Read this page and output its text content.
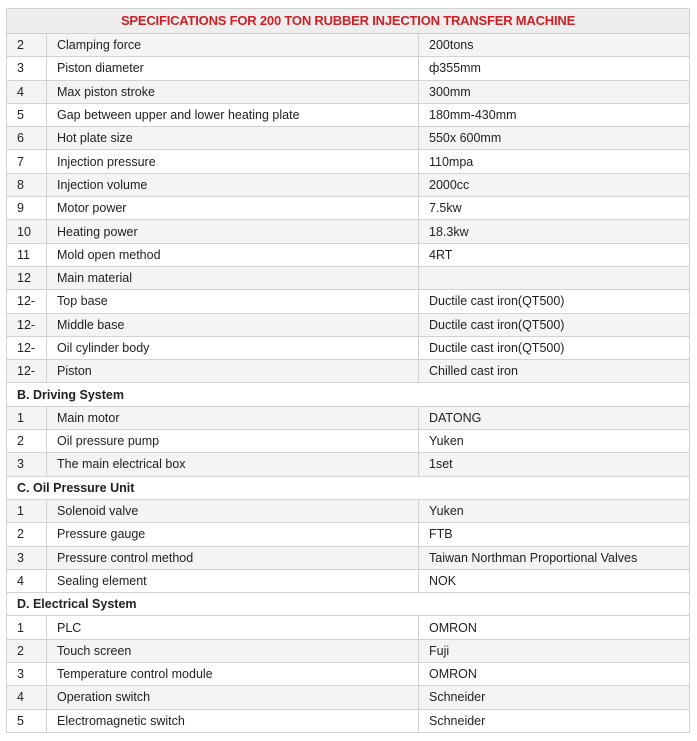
SPECIFICATIONS FOR 200 TON RUBBER INJECTION TRANSFER MACHINE		
2	Clamping force	200tons
3	Piston diameter	ф355mm
4	Max piston stroke	300mm
5	Gap between upper and lower heating plate	180mm-430mm
6	Hot plate size	550x 600mm
7	Injection pressure	110mpa
8	Injection volume	2000cc
9	Motor power	7.5kw
10	Heating power	18.3kw
11	Mold open method	4RT
12	Main material	
12-	Top base	Ductile cast iron(QT500)
12-	Middle base	Ductile cast iron(QT500)
12-	Oil cylinder body	Ductile cast iron(QT500)
12-	Piston	Chilled cast iron
B. Driving System		
1	Main motor	DATONG
2	Oil pressure pump	Yuken
3	The main electrical box	1set
C. Oil Pressure Unit		
1	Solenoid valve	Yuken
2	Pressure gauge	FTB
3	Pressure control method	Taiwan Northman Proportional Valves
4	Sealing element	NOK
D. Electrical System		
1	PLC	OMRON
2	Touch screen	Fuji
3	Temperature control module	OMRON
4	Operation switch	Schneider
5	Electromagnetic switch	Schneider
